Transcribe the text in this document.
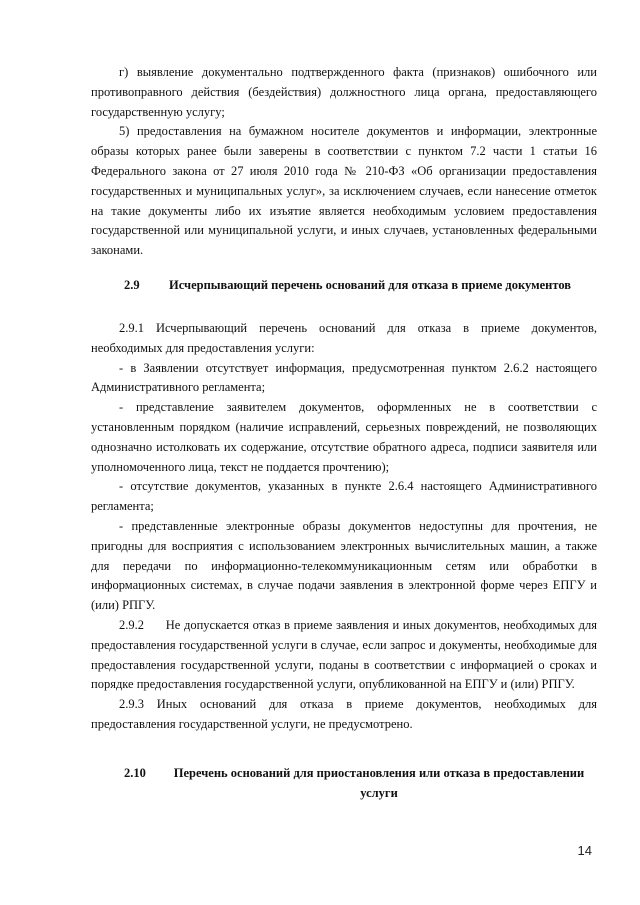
г) выявление документально подтвержденного факта (признаков) ошибочного или противоправного действия (бездействия) должностного лица органа, предоставляющего государственную услугу;

5) предоставления на бумажном носителе документов и информации, электронные образы которых ранее были заверены в соответствии с пунктом 7.2 части 1 статьи 16 Федерального закона от 27 июля 2010 года № 210-ФЗ «Об организации предоставления государственных и муниципальных услуг», за исключением случаев, если нанесение отметок на такие документы либо их изъятие является необходимым условием предоставления государственной или муниципальной услуги, и иных случаев, установленных федеральными законами.

2.9	Исчерпывающий перечень оснований для отказа в приеме документов

2.9.1 Исчерпывающий перечень оснований для отказа в приеме документов, необходимых для предоставления услуги:

- в Заявлении отсутствует информация, предусмотренная пунктом 2.6.2 настоящего Административного регламента;

- представление заявителем документов, оформленных не в соответствии с установленным порядком (наличие исправлений, серьезных повреждений, не позволяющих однозначно истолковать их содержание, отсутствие обратного адреса, подписи заявителя или уполномоченного лица, текст не поддается прочтению);

- отсутствие документов, указанных в пункте 2.6.4 настоящего Административного регламента;

- представленные электронные образы документов недоступны для прочтения, не пригодны для восприятия с использованием электронных вычислительных машин, а также для передачи по информационно-телекоммуникационным сетям или обработки в информационных системах, в случае подачи заявления в электронной форме через ЕПГУ и (или) РПГУ.

2.9.2      Не допускается отказ в приеме заявления и иных документов, необходимых для предоставления государственной услуги в случае, если запрос и документы, необходимые для предоставления государственной услуги, поданы в соответствии с информацией о сроках и порядке предоставления государственной услуги, опубликованной на ЕПГУ и (или) РПГУ.

2.9.3 Иных оснований для отказа в приеме документов, необходимых для предоставления государственной услуги, не предусмотрено.

2.10	Перечень оснований для приостановления или отказа в предоставлении услуги
14
